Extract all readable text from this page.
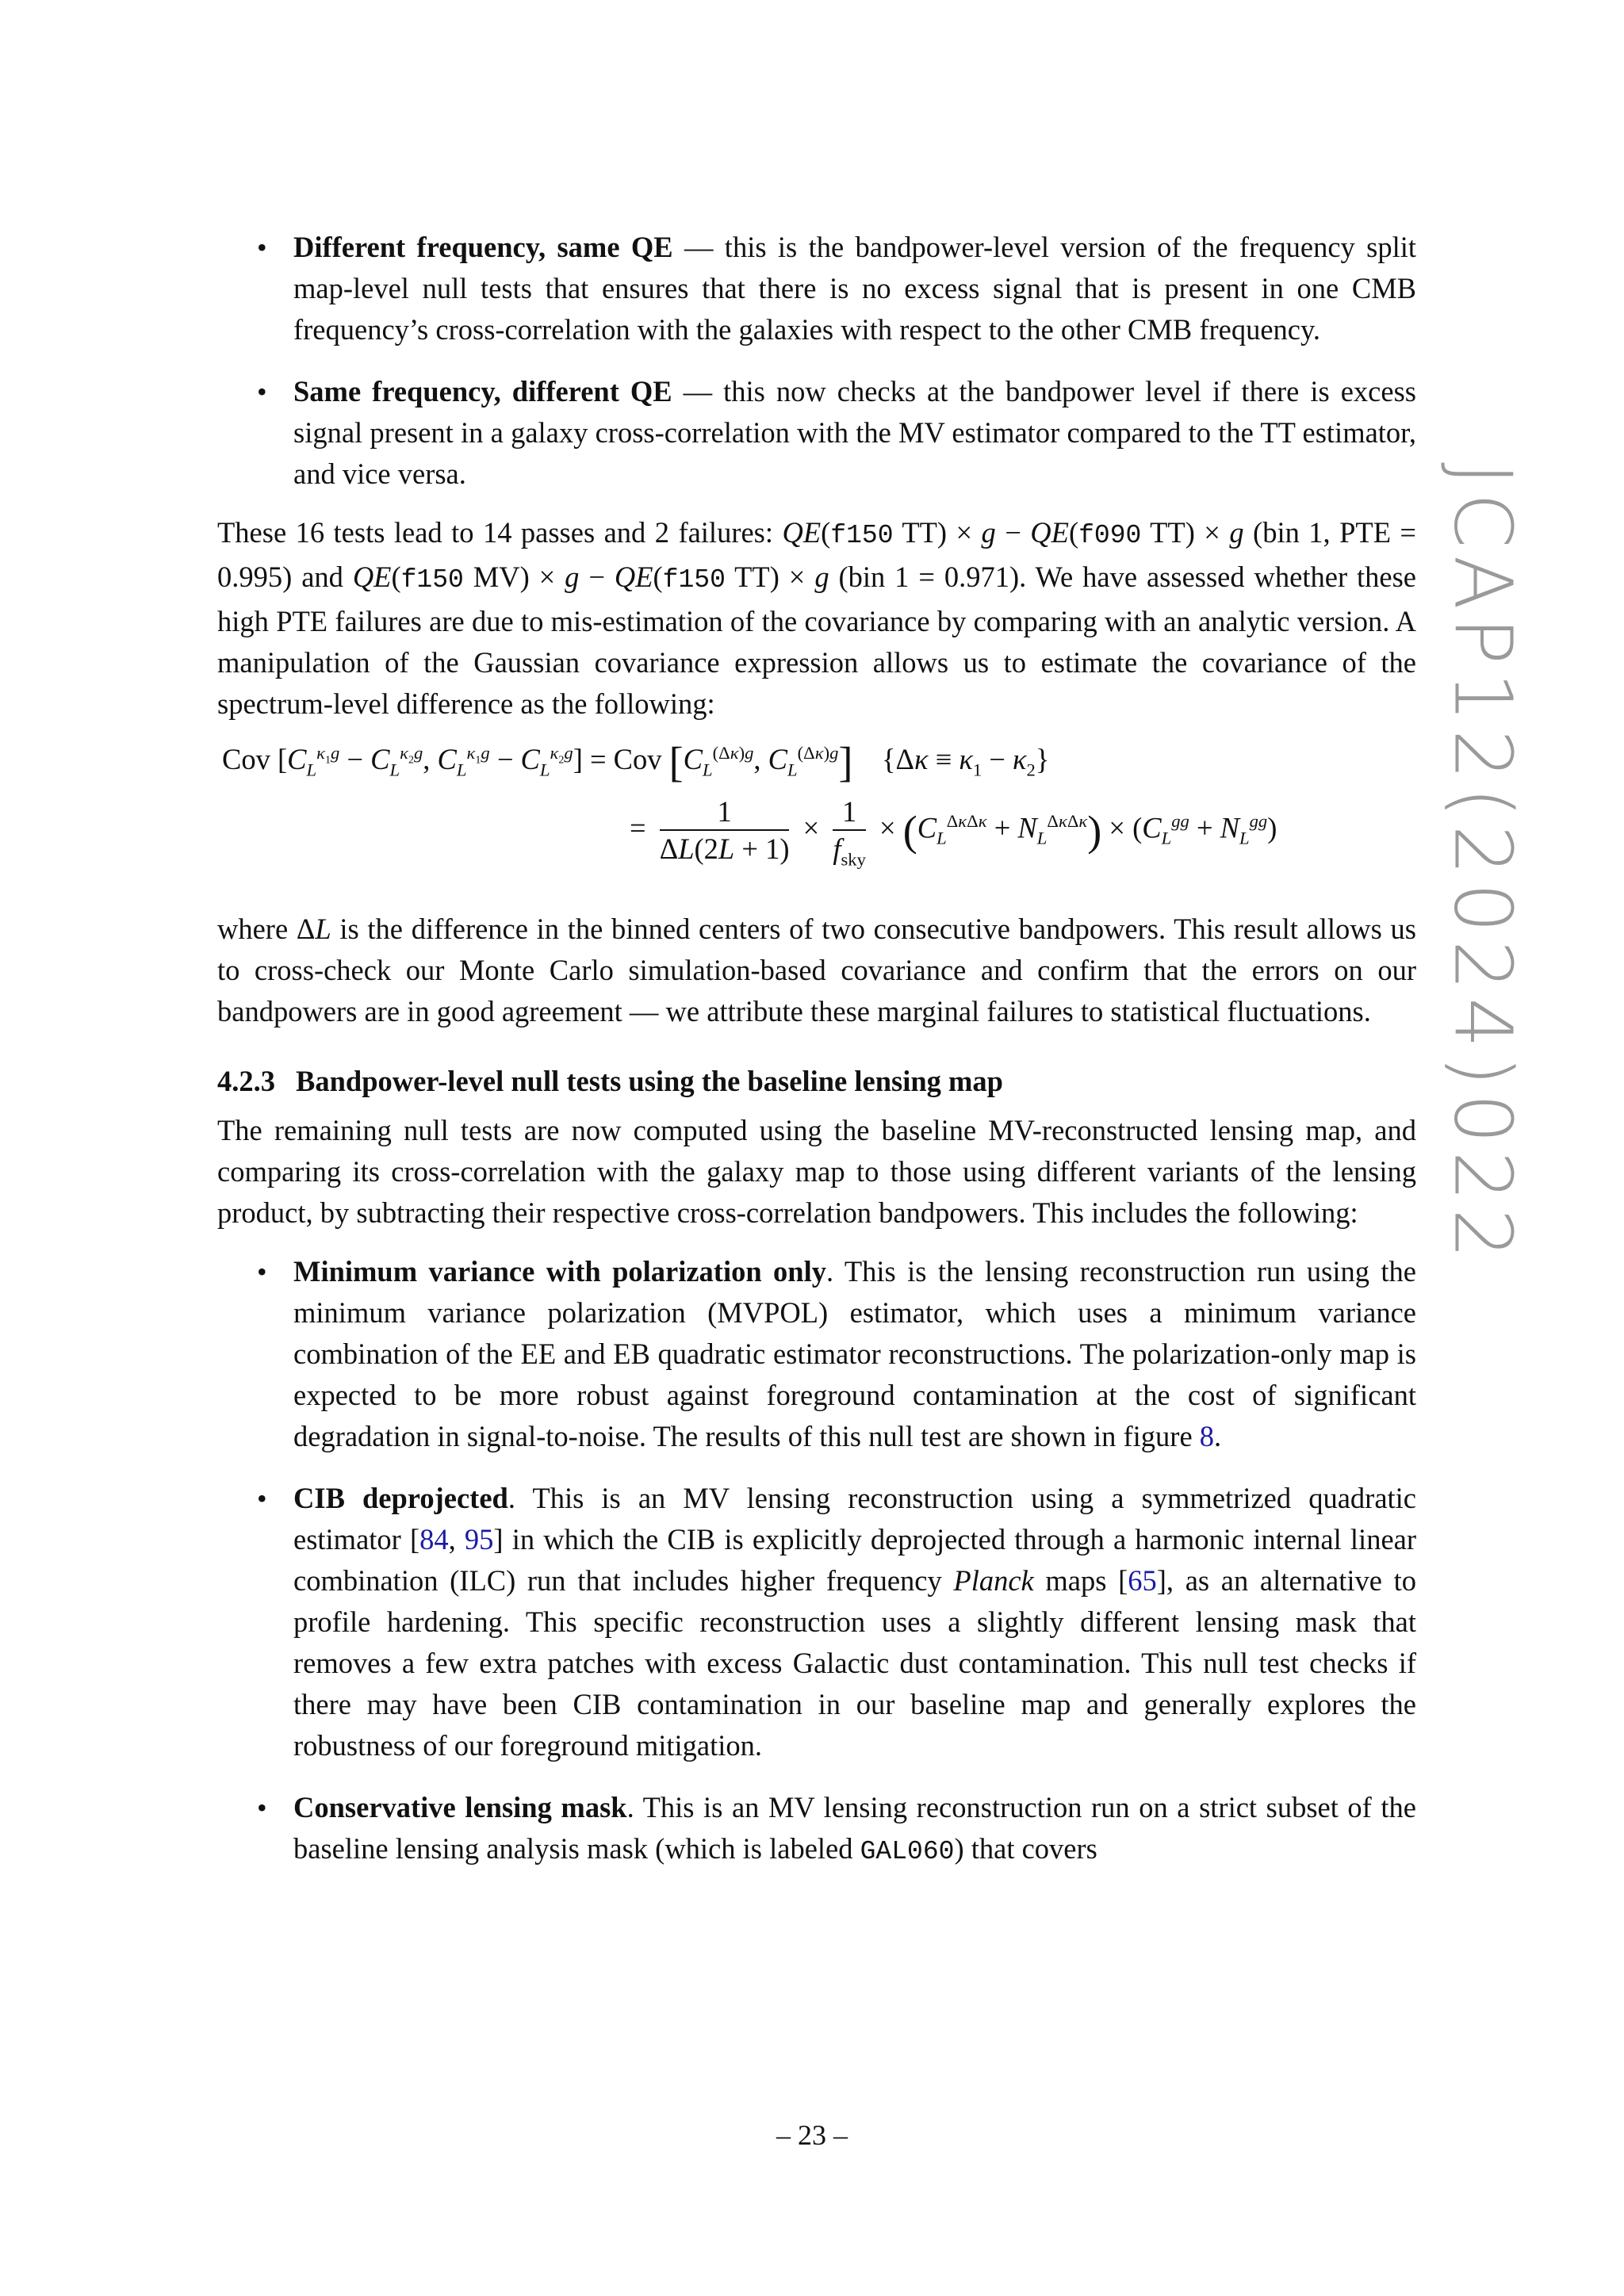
• Different frequency, same QE — this is the bandpower-level version of the frequency split map-level null tests that ensures that there is no excess signal that is present in one CMB frequency’s cross-correlation with the galaxies with respect to the other CMB frequency.
• Same frequency, different QE — this now checks at the bandpower level if there is excess signal present in a galaxy cross-correlation with the MV estimator compared to the TT estimator, and vice versa.

These 16 tests lead to 14 passes and 2 failures: QE(f150 TT) × g − QE(f090 TT) × g (bin 1, PTE = 0.995) and QE(f150 MV) × g − QE(f150 TT) × g (bin 1 = 0.971). We have assessed whether these high PTE failures are due to mis-estimation of the covariance by comparing with an analytic version. A manipulation of the Gaussian covariance expression allows us to estimate the covariance of the spectrum-level difference as the following:

Cov [$C_L^{\kappa_1g} - C_L^{\kappa_2g}$, $C_L^{\kappa_1g} - C_L^{\kappa_2g}$] = Cov [$C_L^{(\Delta\kappa)g}$, $C_L^{(\Delta\kappa)g}$]    $\{\Delta\kappa \equiv \kappa_1 - \kappa_2\}$
= $\frac{1}{\Delta L(2L + 1)} \times \frac{1}{f_{sky}} \times (C_L^{\Delta\kappa\Delta\kappa} + N_L^{\Delta\kappa\Delta\kappa}) \times (C_L^{gg} + N_L^{gg})$

where ΔL is the difference in the binned centers of two consecutive bandpowers. This result allows us to cross-check our Monte Carlo simulation-based covariance and confirm that the errors on our bandpowers are in good agreement — we attribute these marginal failures to statistical fluctuations.

4.2.3 Bandpower-level null tests using the baseline lensing map

The remaining null tests are now computed using the baseline MV-reconstructed lensing map, and comparing its cross-correlation with the galaxy map to those using different variants of the lensing product, by subtracting their respective cross-correlation bandpowers. This includes the following:

• Minimum variance with polarization only. This is the lensing reconstruction run using the minimum variance polarization (MVPOL) estimator, which uses a minimum variance combination of the EE and EB quadratic estimator reconstructions. The polarization-only map is expected to be more robust against foreground contamination at the cost of significant degradation in signal-to-noise. The results of this null test are shown in figure 8.
• CIB deprojected. This is an MV lensing reconstruction using a symmetrized quadratic estimator [84, 95] in which the CIB is explicitly deprojected through a harmonic internal linear combination (ILC) run that includes higher frequency Planck maps [65], as an alternative to profile hardening. This specific reconstruction uses a slightly different lensing mask that removes a few extra patches with excess Galactic dust contamination. This null test checks if there may have been CIB contamination in our baseline map and generally explores the robustness of our foreground mitigation.
• Conservative lensing mask. This is an MV lensing reconstruction run on a strict subset of the baseline lensing analysis mask (which is labeled GAL060) that covers
JCAP12(2024)022
– 23 –
